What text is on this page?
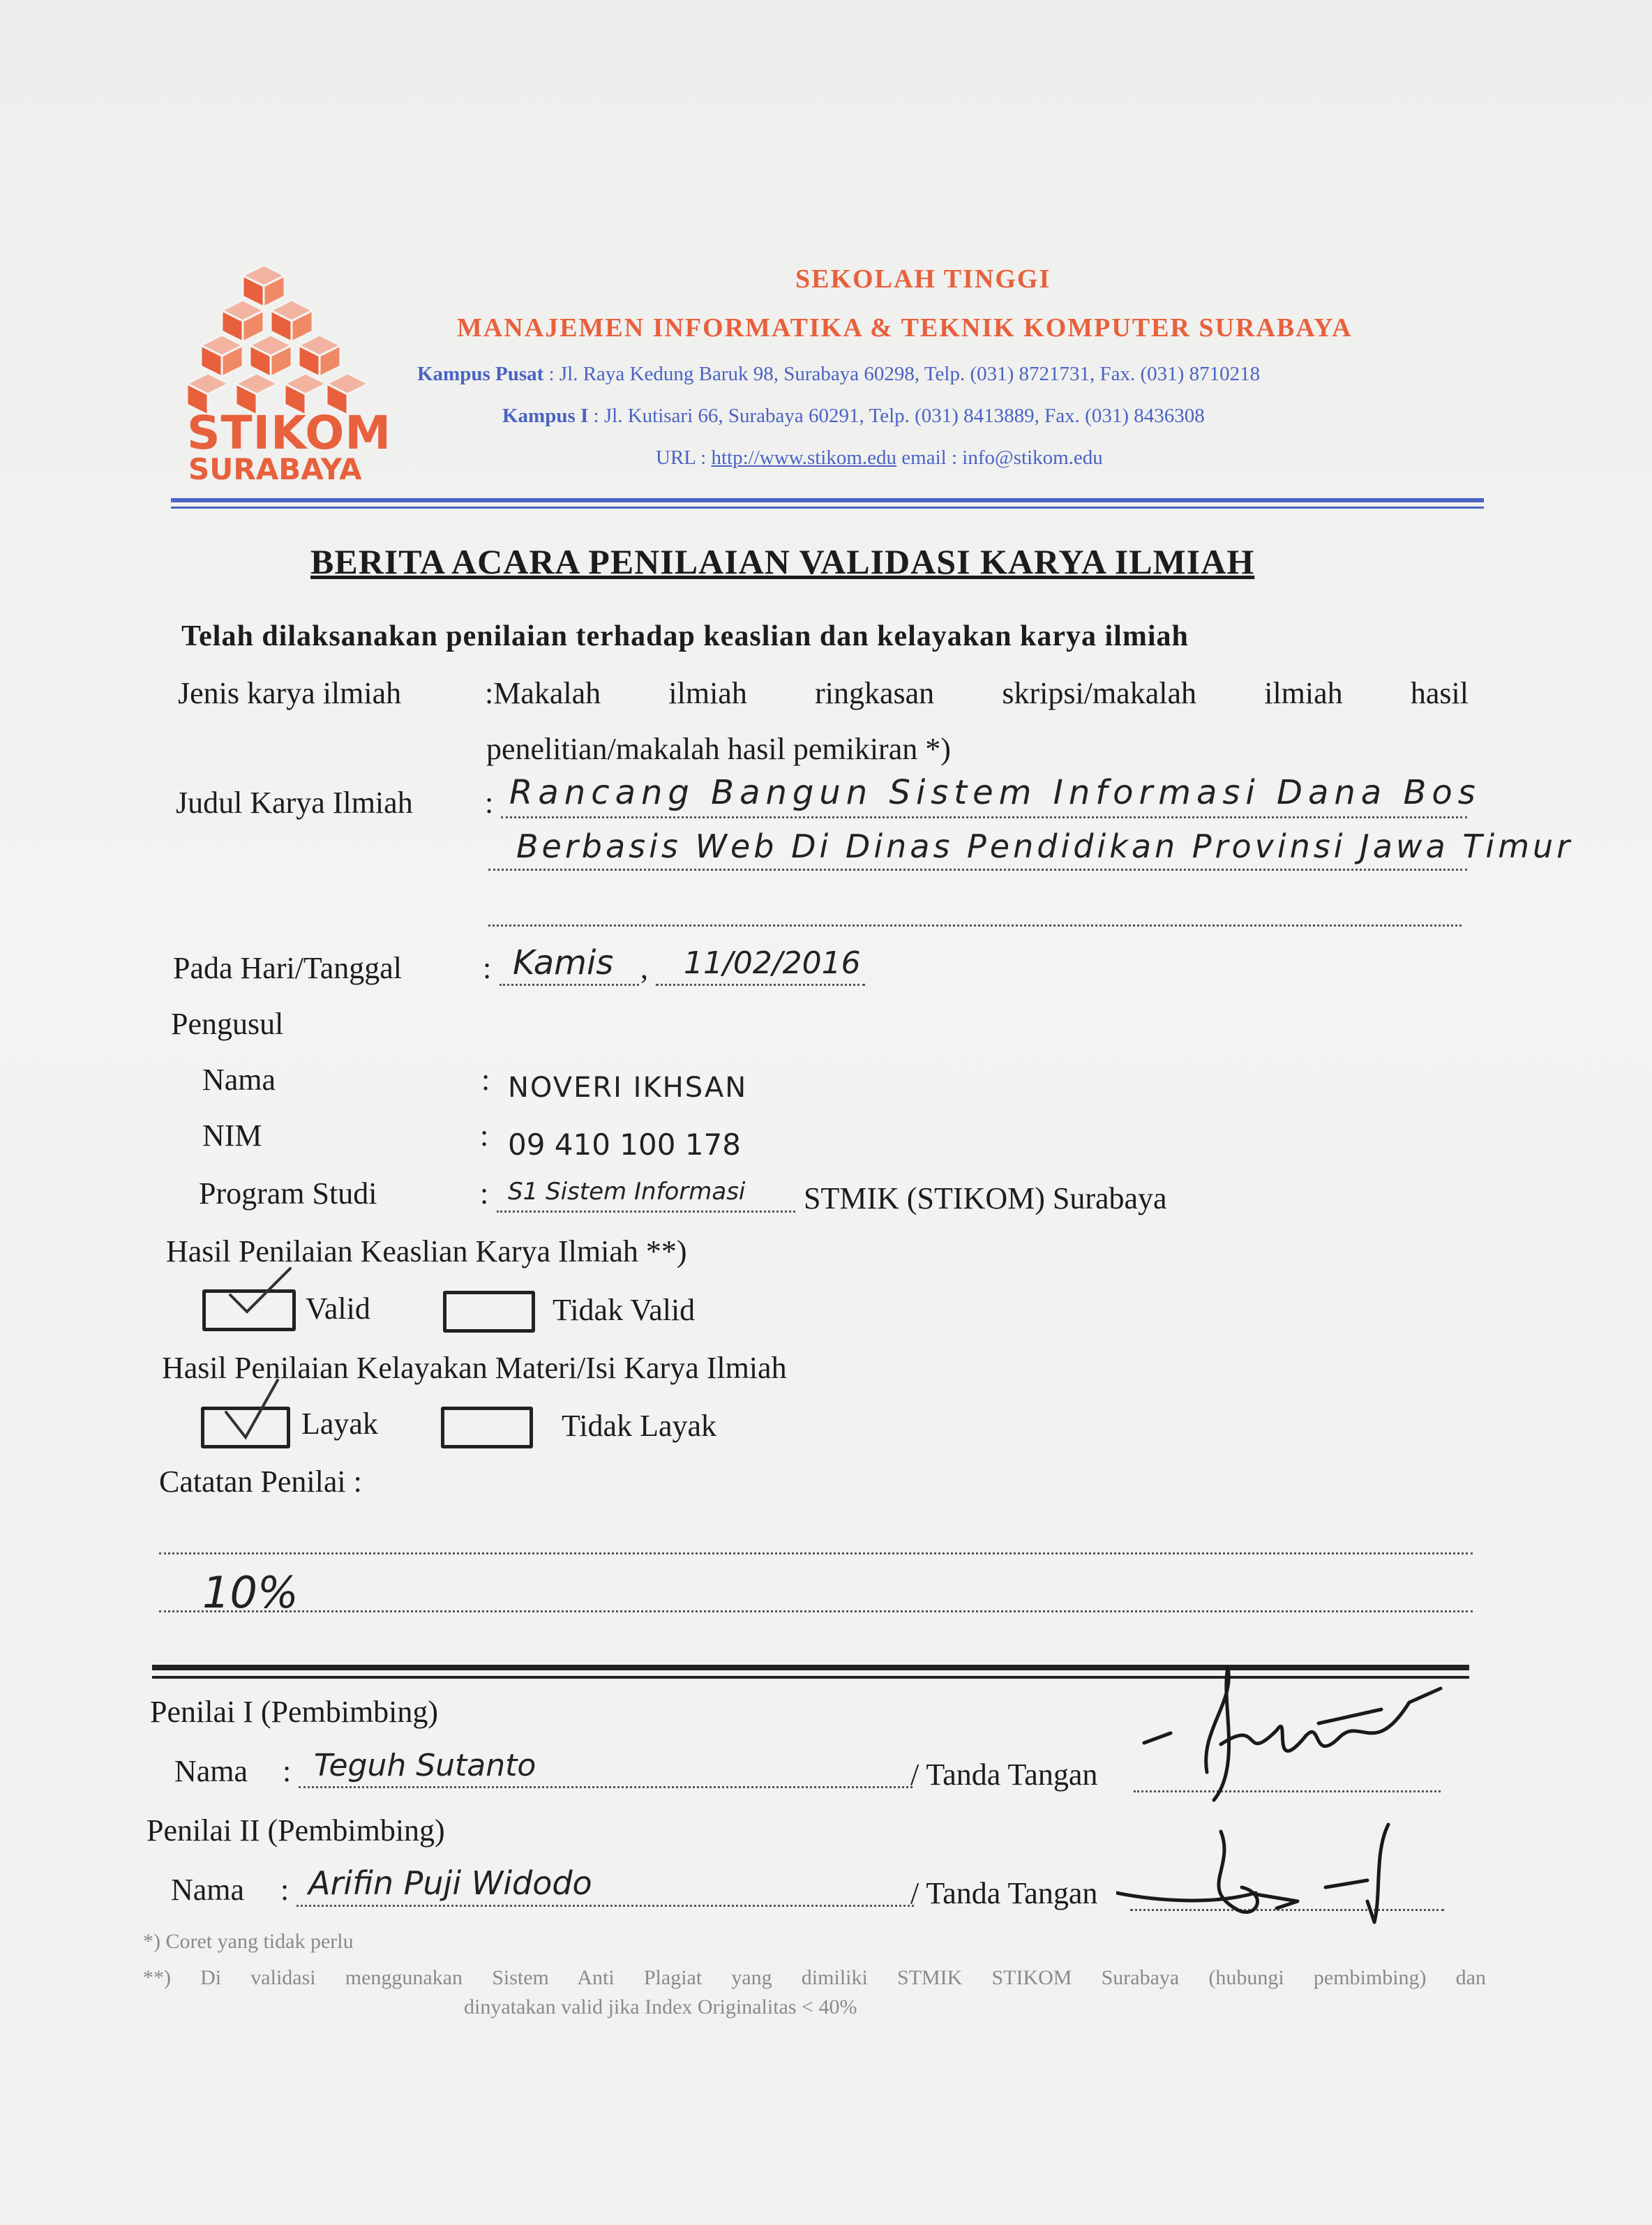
STIKOM
SURABAYA
SEKOLAH TINGGI
MANAJEMEN INFORMATIKA & TEKNIK KOMPUTER SURABAYA
Kampus Pusat : Jl. Raya Kedung Baruk 98, Surabaya 60298, Telp. (031) 8721731, Fax. (031) 8710218
Kampus I : Jl. Kutisari 66, Surabaya 60291, Telp. (031) 8413889, Fax. (031) 8436308
URL : http://www.stikom.edu email : info@stikom.edu
BERITA ACARA PENILAIAN VALIDASI KARYA ILMIAH
Telah dilaksanakan penilaian terhadap keaslian dan kelayakan karya ilmiah
Jenis karya ilmiah	:Makalah ilmiah ringkasan skripsi/makalah ilmiah hasil
penelitian/makalah hasil pemikiran *)
Judul Karya Ilmiah : Rancang Bangun Sistem Informasi Dana Bos
Berbasis Web Di Dinas Pendidikan Provinsi Jawa Timur
Pada Hari/Tanggal	: Kamis , 11/02/2016
Pengusul
Nama	: NOVERI IKHSAN
NIM	: 09 410 100 178
Program Studi	: S1 Sistem Informasi STMIK (STIKOM) Surabaya
Hasil Penilaian Keaslian Karya Ilmiah **)
Valid	Tidak Valid
Hasil Penilaian Kelayakan Materi/Isi Karya Ilmiah
Layak	Tidak Layak
Catatan Penilai :
10%
Penilai I (Pembimbing)
Nama : Teguh Sutanto	/ Tanda Tangan
Penilai II (Pembimbing)
Nama : Arifin Puji Widodo	/ Tanda Tangan
*) Coret yang tidak perlu
**) Di validasi menggunakan Sistem Anti Plagiat yang dimiliki STMIK STIKOM Surabaya (hubungi pembimbing) dan
dinyatakan valid jika Index Originalitas < 40%
